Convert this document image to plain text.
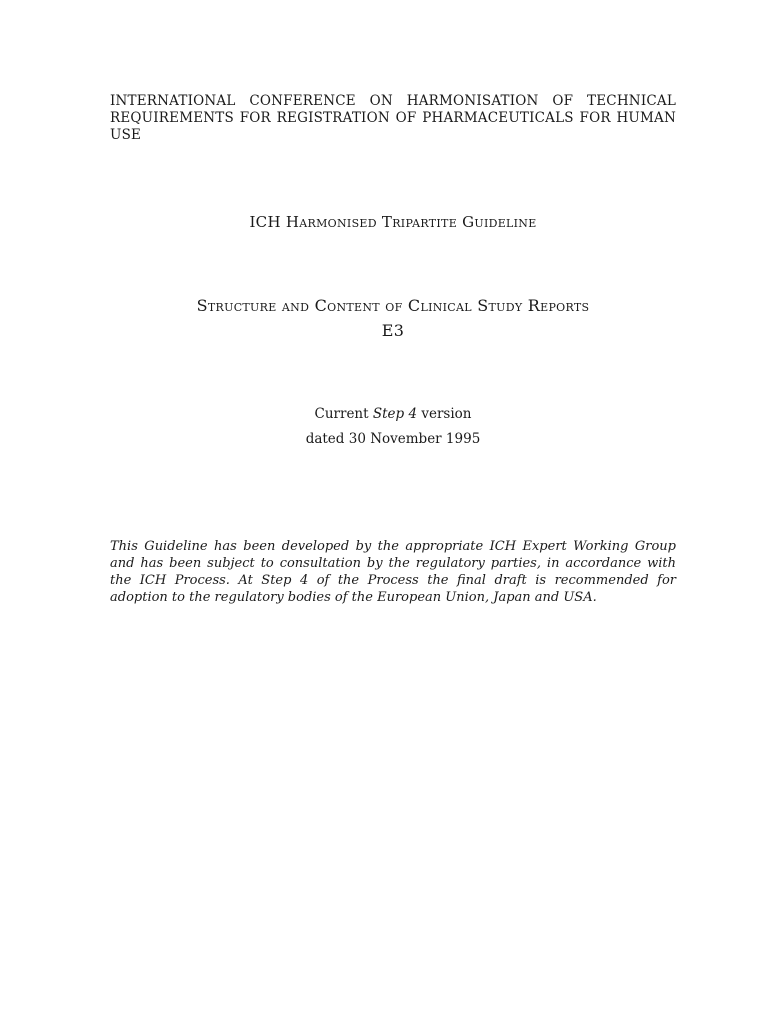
INTERNATIONAL CONFERENCE ON HARMONISATION OF TECHNICAL REQUIREMENTS FOR REGISTRATION OF PHARMACEUTICALS FOR HUMAN USE
ICH Harmonised Tripartite Guideline
Structure and Content of Clinical Study Reports
E3
Current Step 4 version
dated 30 November 1995
This Guideline has been developed by the appropriate ICH Expert Working Group and has been subject to consultation by the regulatory parties, in accordance with the ICH Process. At Step 4 of the Process the final draft is recommended for adoption to the regulatory bodies of the European Union, Japan and USA.
